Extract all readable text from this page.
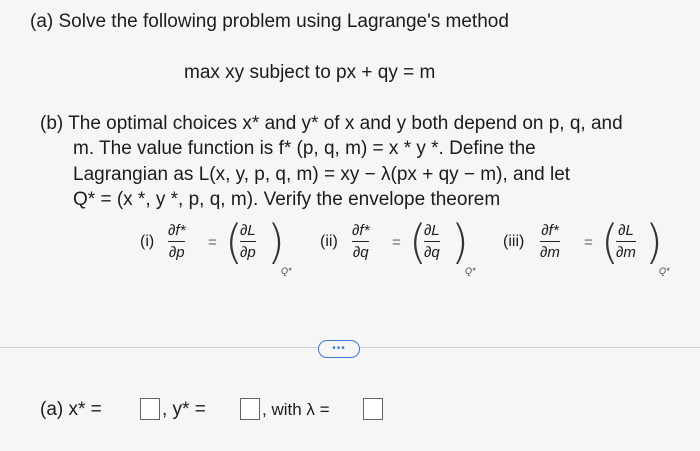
(a) Solve the following problem using Lagrange's method
max xy subject to px + qy = m
(b) The optimal choices x* and y* of x and y both depend on p, q, and
m. The value function is f* (p, q, m) = x * y *. Define the
Lagrangian as L(x, y, p, q, m) = xy − λ(px + qy − m), and let
Q* = (x *, y *, p, q, m). Verify the envelope theorem
(i)
∂f*
∂p
= (
∂L
∂p )
Q*
(ii)
∂f*
∂q
= (
∂L
∂q )
Q*
(iii)
∂f*
∂m
= ( ∂L
∂m )
Q*
•••
(a) x* =	, y* =	, with λ =
